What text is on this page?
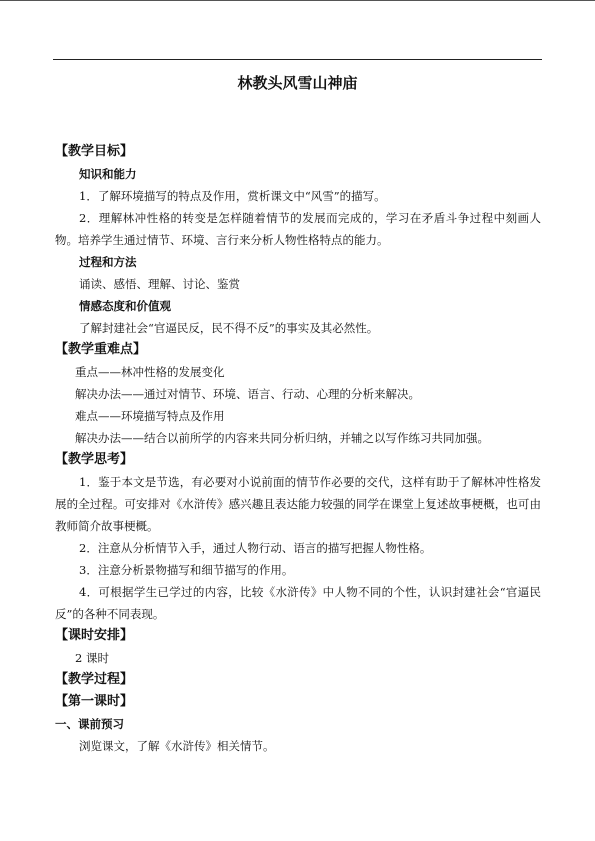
林教头风雪山神庙
【教学目标】
知识和能力
1．了解环境描写的特点及作用，赏析课文中“风雪”的描写。
2．理解林冲性格的转变是怎样随着情节的发展而完成的，学习在矛盾斗争过程中刻画人物。培养学生通过情节、环境、言行来分析人物性格特点的能力。
过程和方法
诵读、感悟、理解、讨论、鉴赏
情感态度和价值观
了解封建社会“官逼民反，民不得不反”的事实及其必然性。
【教学重难点】
重点——林冲性格的发展变化
解决办法——通过对情节、环境、语言、行动、心理的分析来解决。
难点——环境描写特点及作用
解决办法——结合以前所学的内容来共同分析归纳，并辅之以写作练习共同加强。
【教学思考】
1．鉴于本文是节选，有必要对小说前面的情节作必要的交代，这样有助于了解林冲性格发展的全过程。可安排对《水浒传》感兴趣且表达能力较强的同学在课堂上复述故事梗概，也可由教师简介故事梗概。
2．注意从分析情节入手，通过人物行动、语言的描写把握人物性格。
3．注意分析景物描写和细节描写的作用。
4．可根据学生已学过的内容，比较《水浒传》中人物不同的个性，认识封建社会“官逼民反”的各种不同表现。
【课时安排】
2 课时
【教学过程】
【第一课时】
一、课前预习
浏览课文，了解《水浒传》相关情节。
